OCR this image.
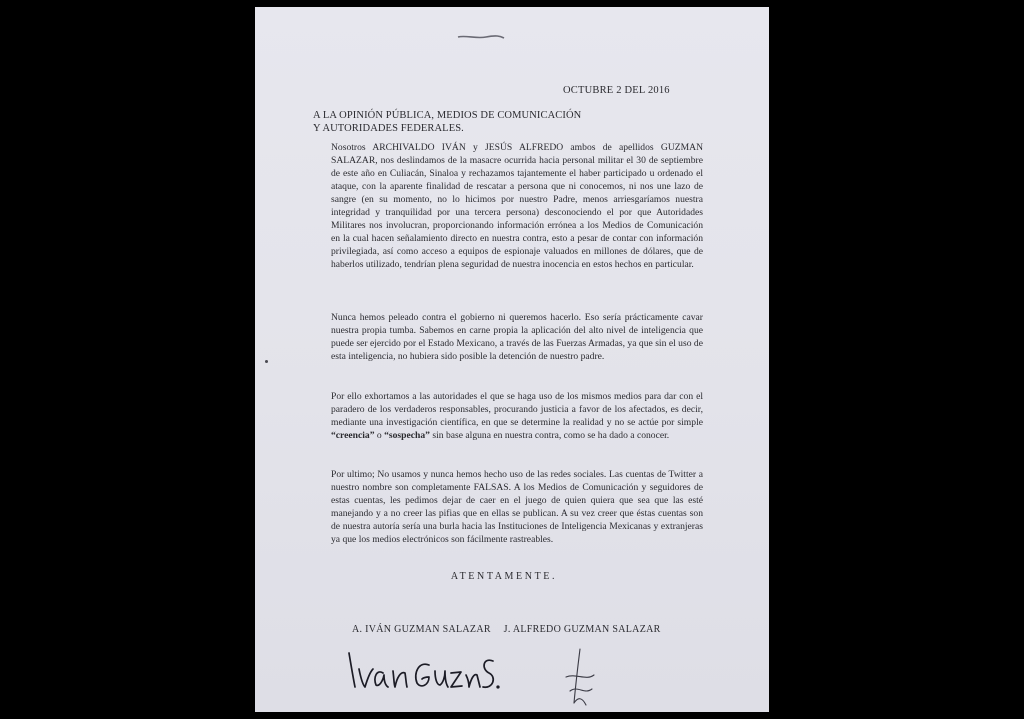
OCTUBRE 2 DEL 2016
A LA OPINIÓN PÚBLICA, MEDIOS DE COMUNICACIÓN
Y AUTORIDADES FEDERALES.
Nosotros ARCHIVALDO IVÁN y JESÚS ALFREDO ambos de apellidos GUZMAN SALAZAR, nos deslindamos de la masacre ocurrida hacia personal militar el 30 de septiembre de este año en Culiacán, Sinaloa y rechazamos tajantemente el haber participado u ordenado el ataque, con la aparente finalidad de rescatar a persona que ni conocemos, ni nos une lazo de sangre (en su momento, no lo hicimos por nuestro Padre, menos arriesgaríamos nuestra integridad y tranquilidad por una tercera persona) desconociendo el por que Autoridades Militares nos involucran, proporcionando información errónea a los Medios de Comunicación en la cual hacen señalamiento directo en nuestra contra, esto a pesar de contar con información privilegiada, así como acceso a equipos de espionaje valuados en millones de dólares, que de haberlos utilizado, tendrían plena seguridad de nuestra inocencia en estos hechos en particular.
Nunca hemos peleado contra el gobierno ni queremos hacerlo. Eso sería prácticamente cavar nuestra propia tumba. Sabemos en carne propia la aplicación del alto nivel de inteligencia que puede ser ejercido por el Estado Mexicano, a través de las Fuerzas Armadas, ya que sin el uso de esta inteligencia, no hubiera sido posible la detención de nuestro padre.
Por ello exhortamos a las autoridades el que se haga uso de los mismos medios para dar con el paradero de los verdaderos responsables, procurando justicia a favor de los afectados, es decir, mediante una investigación científica, en que se determine la realidad y no se actúe por simple “creencia” o “sospecha” sin base alguna en nuestra contra, como se ha dado a conocer.
Por ultimo; No usamos y nunca hemos hecho uso de las redes sociales. Las cuentas de Twitter a nuestro nombre son completamente FALSAS. A los Medios de Comunicación y seguidores de estas cuentas, les pedimos dejar de caer en el juego de quien quiera que sea que las esté manejando y a no creer las pifias que en ellas se publican. A su vez creer que éstas cuentas son de nuestra autoría sería una burla hacia las Instituciones de Inteligencia Mexicanas y extranjeras ya que los medios electrónicos son fácilmente rastreables.
ATENTAMENTE.
A. IVÁN GUZMAN SALAZAR J. ALFREDO GUZMAN SALAZAR
